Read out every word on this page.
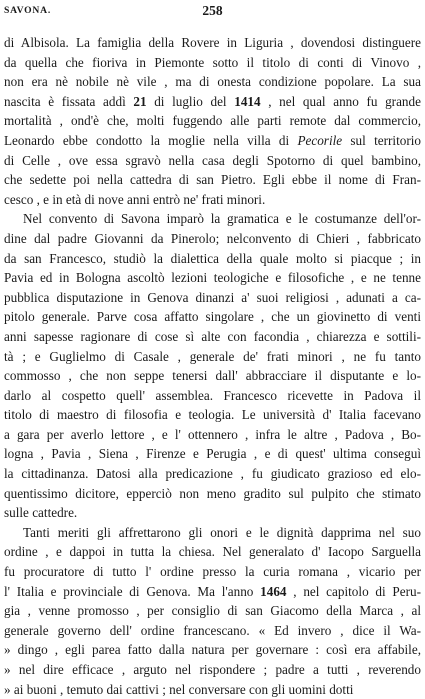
SAVONA.	258
di Albisola. La famiglia della Rovere in Liguria , dovendosi distinguere
da quella che fioriva in Piemonte sotto il titolo di conti di Vinovo ,
non era nè nobile nè vile , ma di onesta condizione popolare. La sua
nascita è fissata addì 21 di luglio del 1414 , nel qual anno fu grande
mortalità , ond'è che, molti fuggendo alle parti remote dal commercio,
Leonardo ebbe condotto la moglie nella villa di Pecorile sul territorio
di Celle , ove essa sgravò nella casa degli Spotorno di quel bambino,
che sedette poi nella cattedra di san Pietro. Egli ebbe il nome di Fran-
cesco , e in età di nove anni entrò ne' frati minori.
Nel convento di Savona imparò la gramatica e le costumanze dell'or-
dine dal padre Giovanni da Pinerolo; nelconvento di Chieri , fabbricato
da san Francesco, studiò la dialettica della quale molto si piacque ; in
Pavia ed in Bologna ascoltò lezioni teologiche e filosofiche , e ne tenne
pubblica disputazione in Genova dinanzi a' suoi religiosi , adunati a ca-
pitolo generale. Parve cosa affatto singolare , che un giovinetto di venti
anni sapesse ragionare di cose sì alte con facondia , chiarezza e sottili-
tà ; e Guglielmo di Casale , generale de' frati minori , ne fu tanto
commosso , che non seppe tenersi dall' abbracciare il disputante e lo-
darlo al cospetto quell' assemblea. Francesco ricevette in Padova il
titolo di maestro di filosofia e teologia. Le università d' Italia facevano
a gara per averlo lettore , e l' ottennero , infra le altre , Padova , Bo-
logna , Pavia , Siena , Firenze e Perugia , e di quest' ultima conseguì
la cittadinanza. Datosi alla predicazione , fu giudicato grazioso ed elo-
quentissimo dicitore, epperciò non meno gradito sul pulpito che stimato
sulle cattedre.
Tanti meriti gli affrettarono gli onori e le dignità dapprima nel suo
ordine , e dappoi in tutta la chiesa. Nel generalato d' Iacopo Sarguella
fu procuratore di tutto l' ordine presso la curia romana , vicario per
l' Italia e provinciale di Genova. Ma l'anno 1464 , nel capitolo di Peru-
gia , venne promosso , per consiglio di san Giacomo della Marca , al
generale governo dell' ordine francescano. « Ed invero , dice il Wa-
» dingo , egli parea fatto dalla natura per governare : così era affabile,
» nel dire efficace , arguto nel rispondere ; padre a tutti , reverendo
» ai buoni , temuto dai cattivi ; nel conversare con gli uomini dotti
